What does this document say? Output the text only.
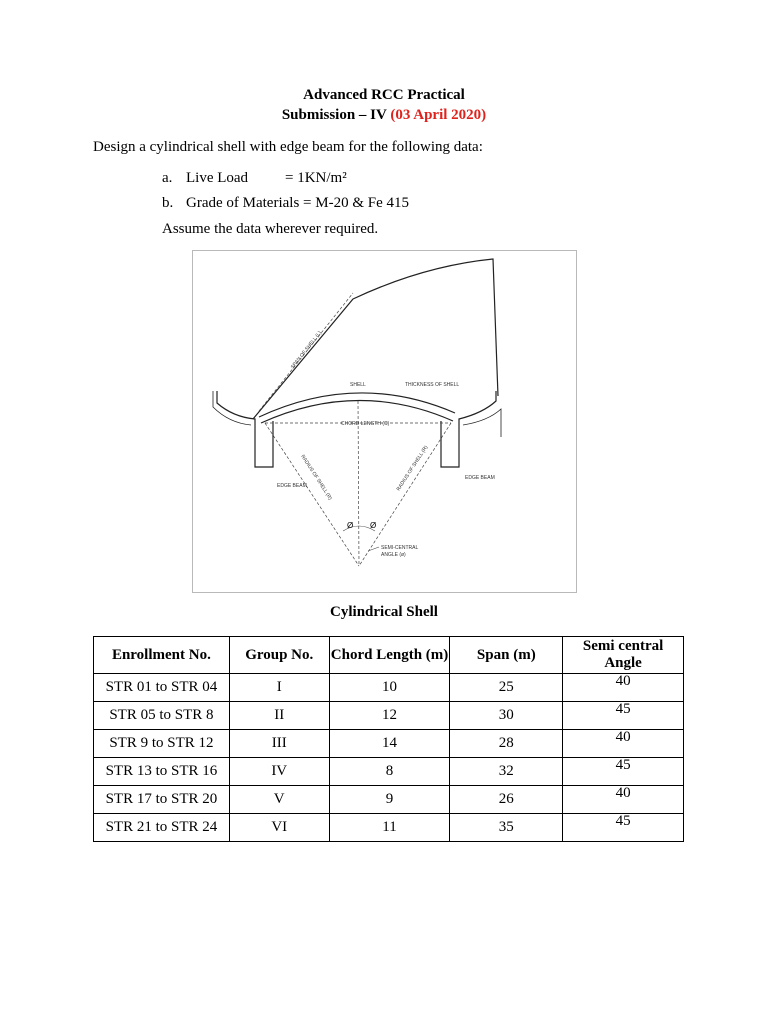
Advanced RCC Practical
Submission – IV (03 April 2020)
Design a cylindrical shell with edge beam for the following data:
a. Live Load = 1KN/m²
b. Grade of Materials = M-20 & Fe 415
Assume the data wherever required.
SPAN OF SHELL (L)
SHELL	THICKNESS OF SHELL
CHORD LENGTH (C)
RADIUS OF SHELL (R)	RADIUS OF SHELL (R)
EDGE BEAM
EDGE BEAM
Ø Ø
SEMI-CENTRAL
ANGLE (ø)
Cylindrical Shell
Enrollment No.	Group No.	Chord Length (m)	Span (m)	Semi central Angle
STR 01 to STR 04	I	10	25	40
STR 05 to STR 8	II	12	30	45
STR 9 to STR 12	III	14	28	40
STR 13 to STR 16	IV	8	32	45
STR 17 to STR 20	V	9	26	40
STR 21 to STR 24	VI	11	35	45
